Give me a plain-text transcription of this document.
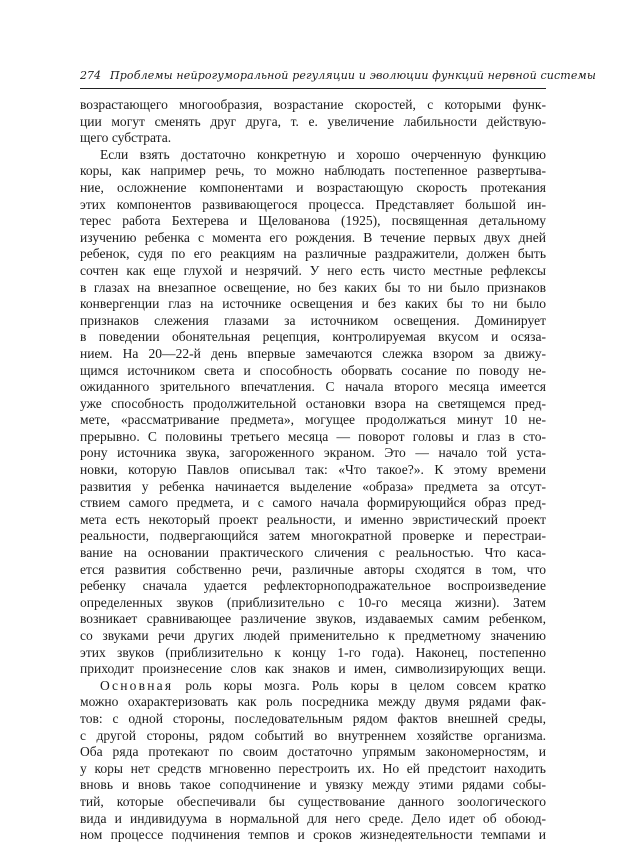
274 Проблемы нейрогуморальной регуляции и эволюции функций нервной системы
возрастающего многообразия, возрастание скоростей, с которыми функ-
ции могут сменять друг друга, т. е. увеличение лабильности действую-
щего субстрата.
Если взять достаточно конкретную и хорошо очерченную функцию
коры, как например речь, то можно наблюдать постепенное развертыва-
ние, осложнение компонентами и возрастающую скорость протекания
этих компонентов развивающегося процесса. Представляет большой ин-
терес работа Бехтерева и Щелованова (1925), посвященная детальному
изучению ребенка с момента его рождения. В течение первых двух дней
ребенок, судя по его реакциям на различные раздражители, должен быть
сочтен как еще глухой и незрячий. У него есть чисто местные рефлексы
в глазах на внезапное освещение, но без каких бы то ни было признаков
конвергенции глаз на источнике освещения и без каких бы то ни было
признаков слежения глазами за источником освещения. Доминирует
в поведении обонятельная рецепция, контролируемая вкусом и осяза-
нием. На 20—22-й день впервые замечаются слежка взором за движу-
щимся источником света и способность оборвать сосание по поводу не-
ожиданного зрительного впечатления. С начала второго месяца имеется
уже способность продолжительной остановки взора на светящемся пред-
мете, «рассматривание предмета», могущее продолжаться минут 10 не-
прерывно. С половины третьего месяца — поворот головы и глаз в сто-
рону источника звука, загороженного экраном. Это — начало той уста-
новки, которую Павлов описывал так: «Что такое?». К этому времени
развития у ребенка начинается выделение «образа» предмета за отсут-
ствием самого предмета, и с самого начала формирующийся образ пред-
мета есть некоторый проект реальности, и именно эвристический проект
реальности, подвергающийся затем многократной проверке и перестраи-
вание на основании практического сличения с реальностью. Что каса-
ется развития собственно речи, различные авторы сходятся в том, что
ребенку сначала удается рефлекторноподражательное воспроизведение
определенных звуков (приблизительно с 10-го месяца жизни). Затем
возникает сравнивающее различение звуков, издаваемых самим ребенком,
со звуками речи других людей применительно к предметному значению
этих звуков (приблизительно к концу 1-го года). Наконец, постепенно
приходит произнесение слов как знаков и имен, символизирующих вещи.
Основная роль коры мозга. Роль коры в целом совсем кратко
можно охарактеризовать как роль посредника между двумя рядами фак-
тов: с одной стороны, последовательным рядом фактов внешней среды,
с другой стороны, рядом событий во внутреннем хозяйстве организма.
Оба ряда протекают по своим достаточно упрямым закономерностям, и
у коры нет средств мгновенно перестроить их. Но ей предстоит находить
вновь и вновь такое соподчинение и увязку между этими рядами собы-
тий, которые обеспечивали бы существование данного зоологического
вида и индивидуума в нормальной для него среде. Дело идет об обоюд-
ном процессе подчинения темпов и сроков жизнедеятельности темпами и
